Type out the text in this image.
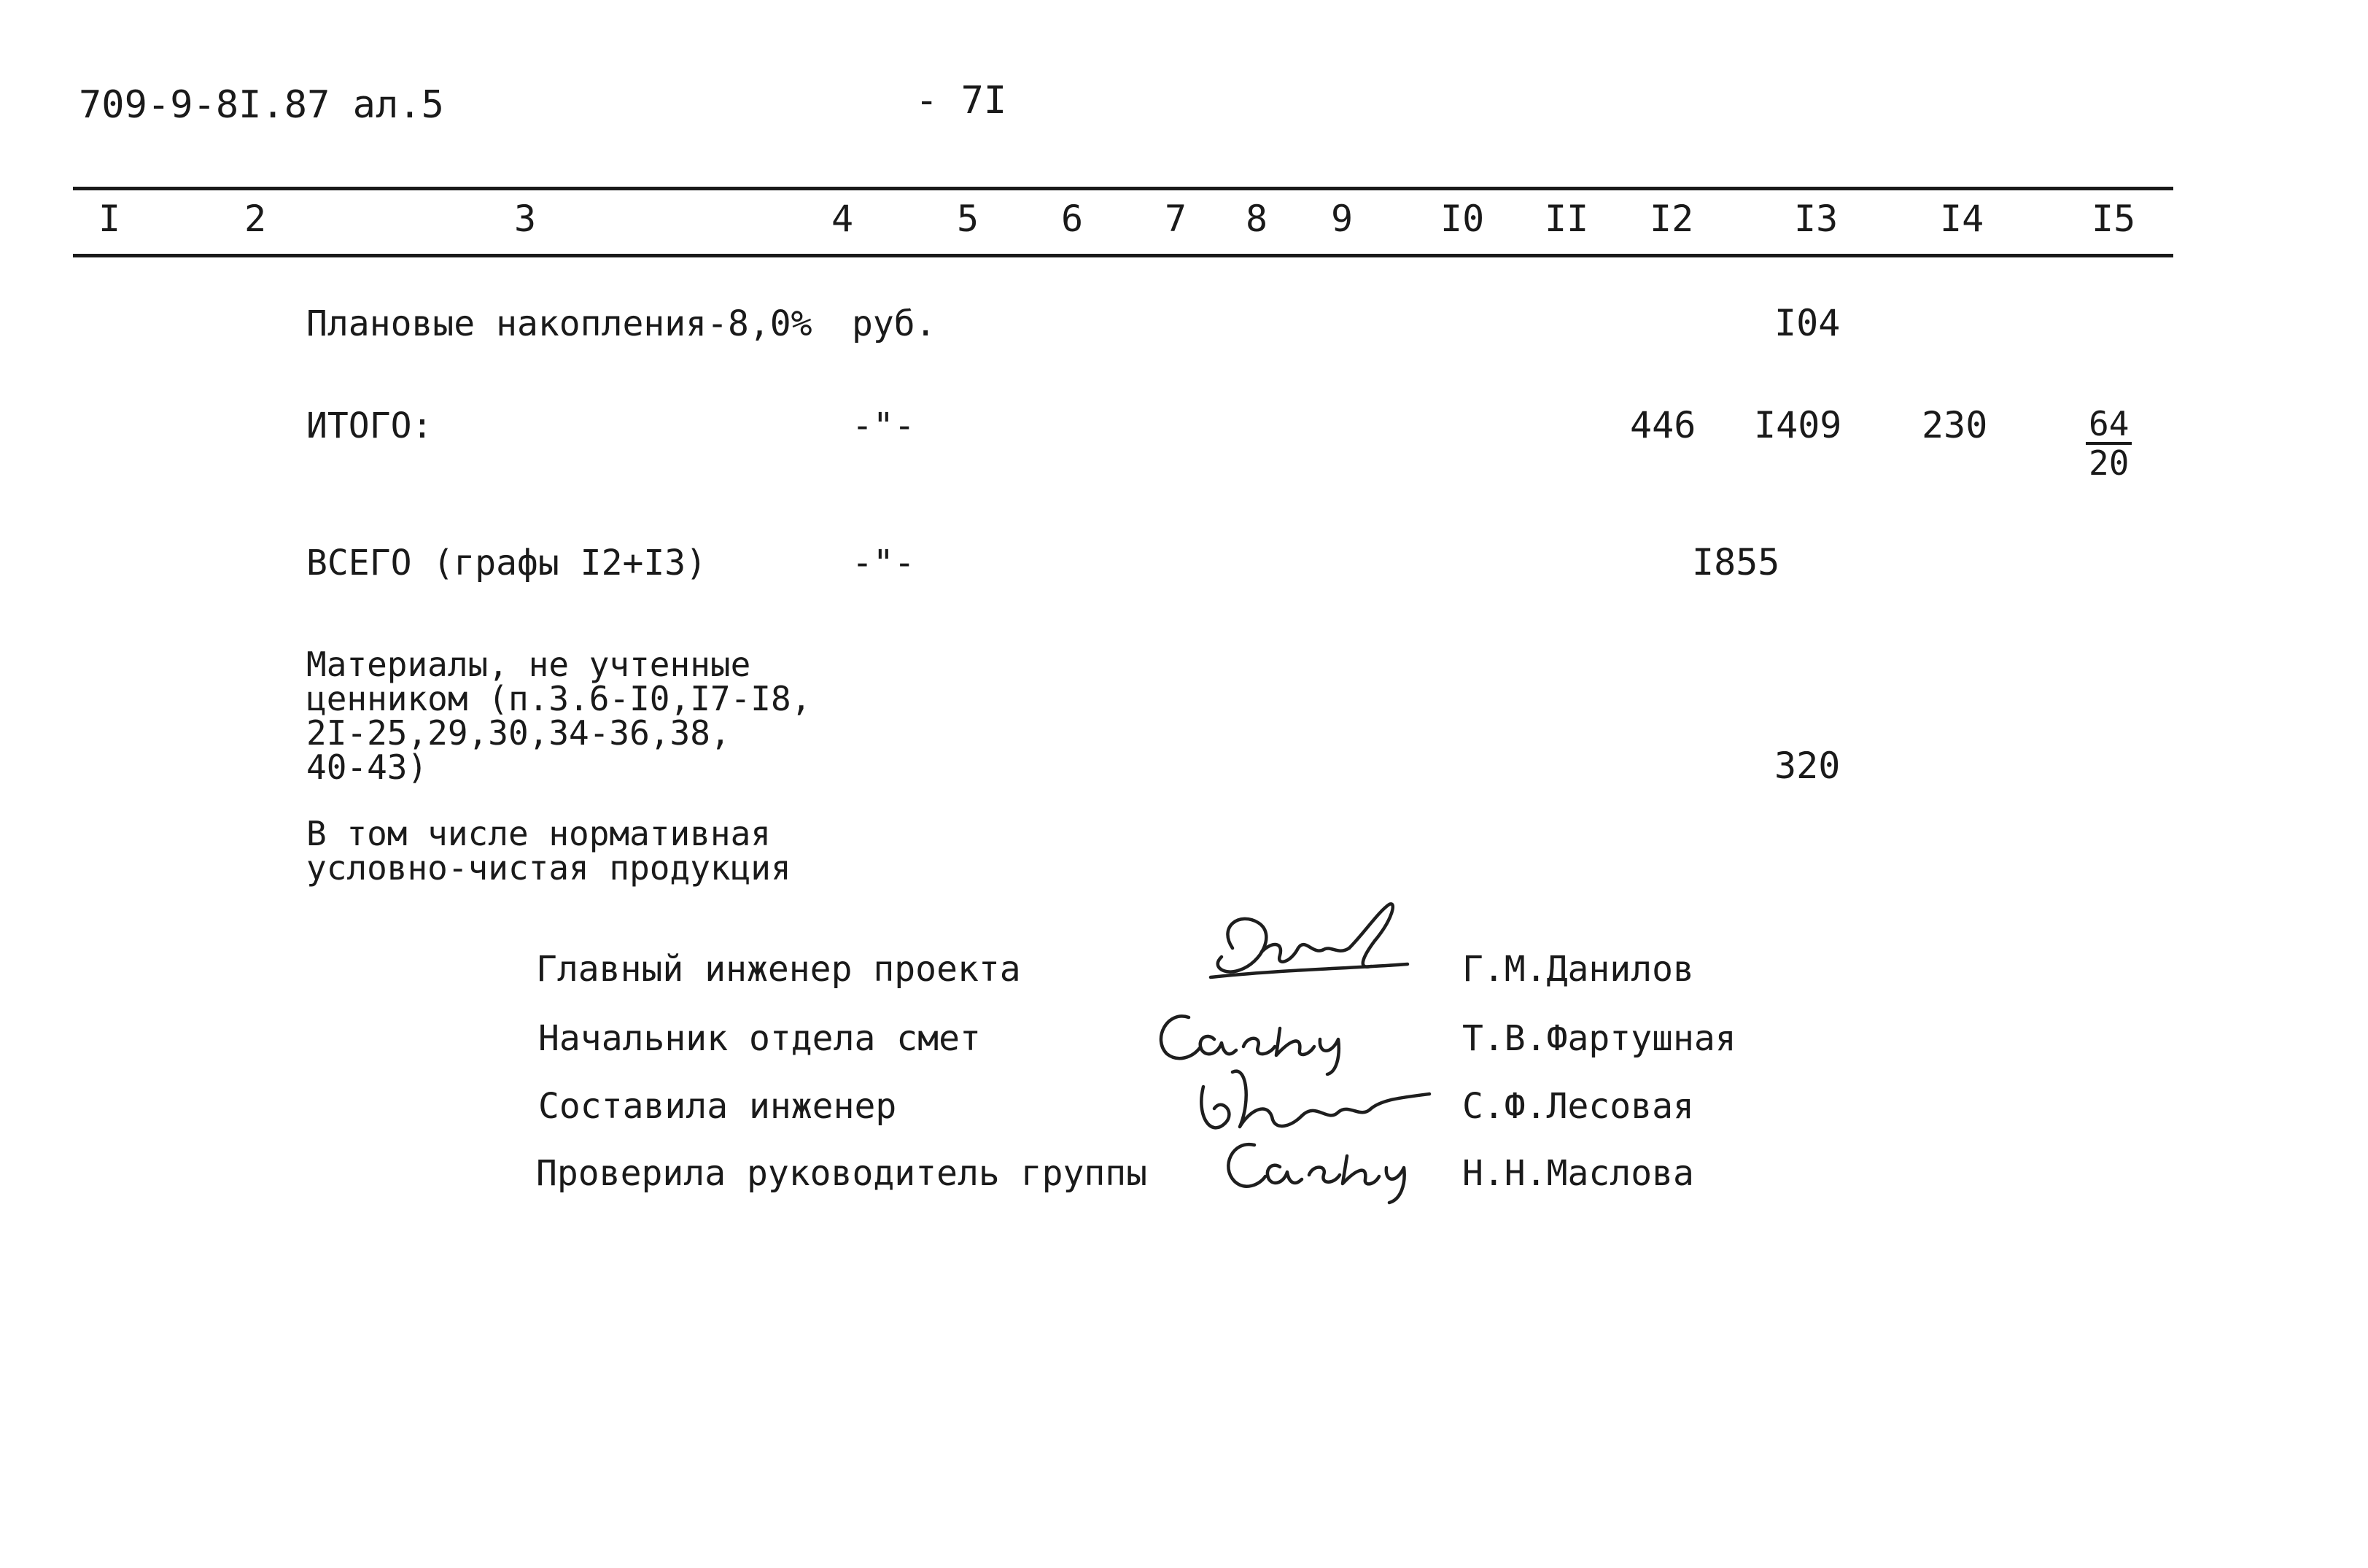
709-9-8I.87 ал.5	- 7I
I	2	3	4	5 6 7 8 9 I0 II I2	I3	I4	I5
Плановые накопления-8,0% руб.	I04
ИТОГО:	-"-	446 I409 230	$\frac{64}{20}$
ВСЕГО (графы I2+I3)	-"-	I855
Материалы, не учтенные
ценником (п.3.6-I0,I7-I8,
2I-25,29,30,34-36,38,
40-43)	320
В том числе нормативная
условно-чистая продукция
Главный инженер проекта	Г.М.Данилов
Начальник отдела смет	Т.В.Фартушная
Составила инженер	С.Ф.Лесовая
Проверила руководитель группы	Н.Н.Маслова
